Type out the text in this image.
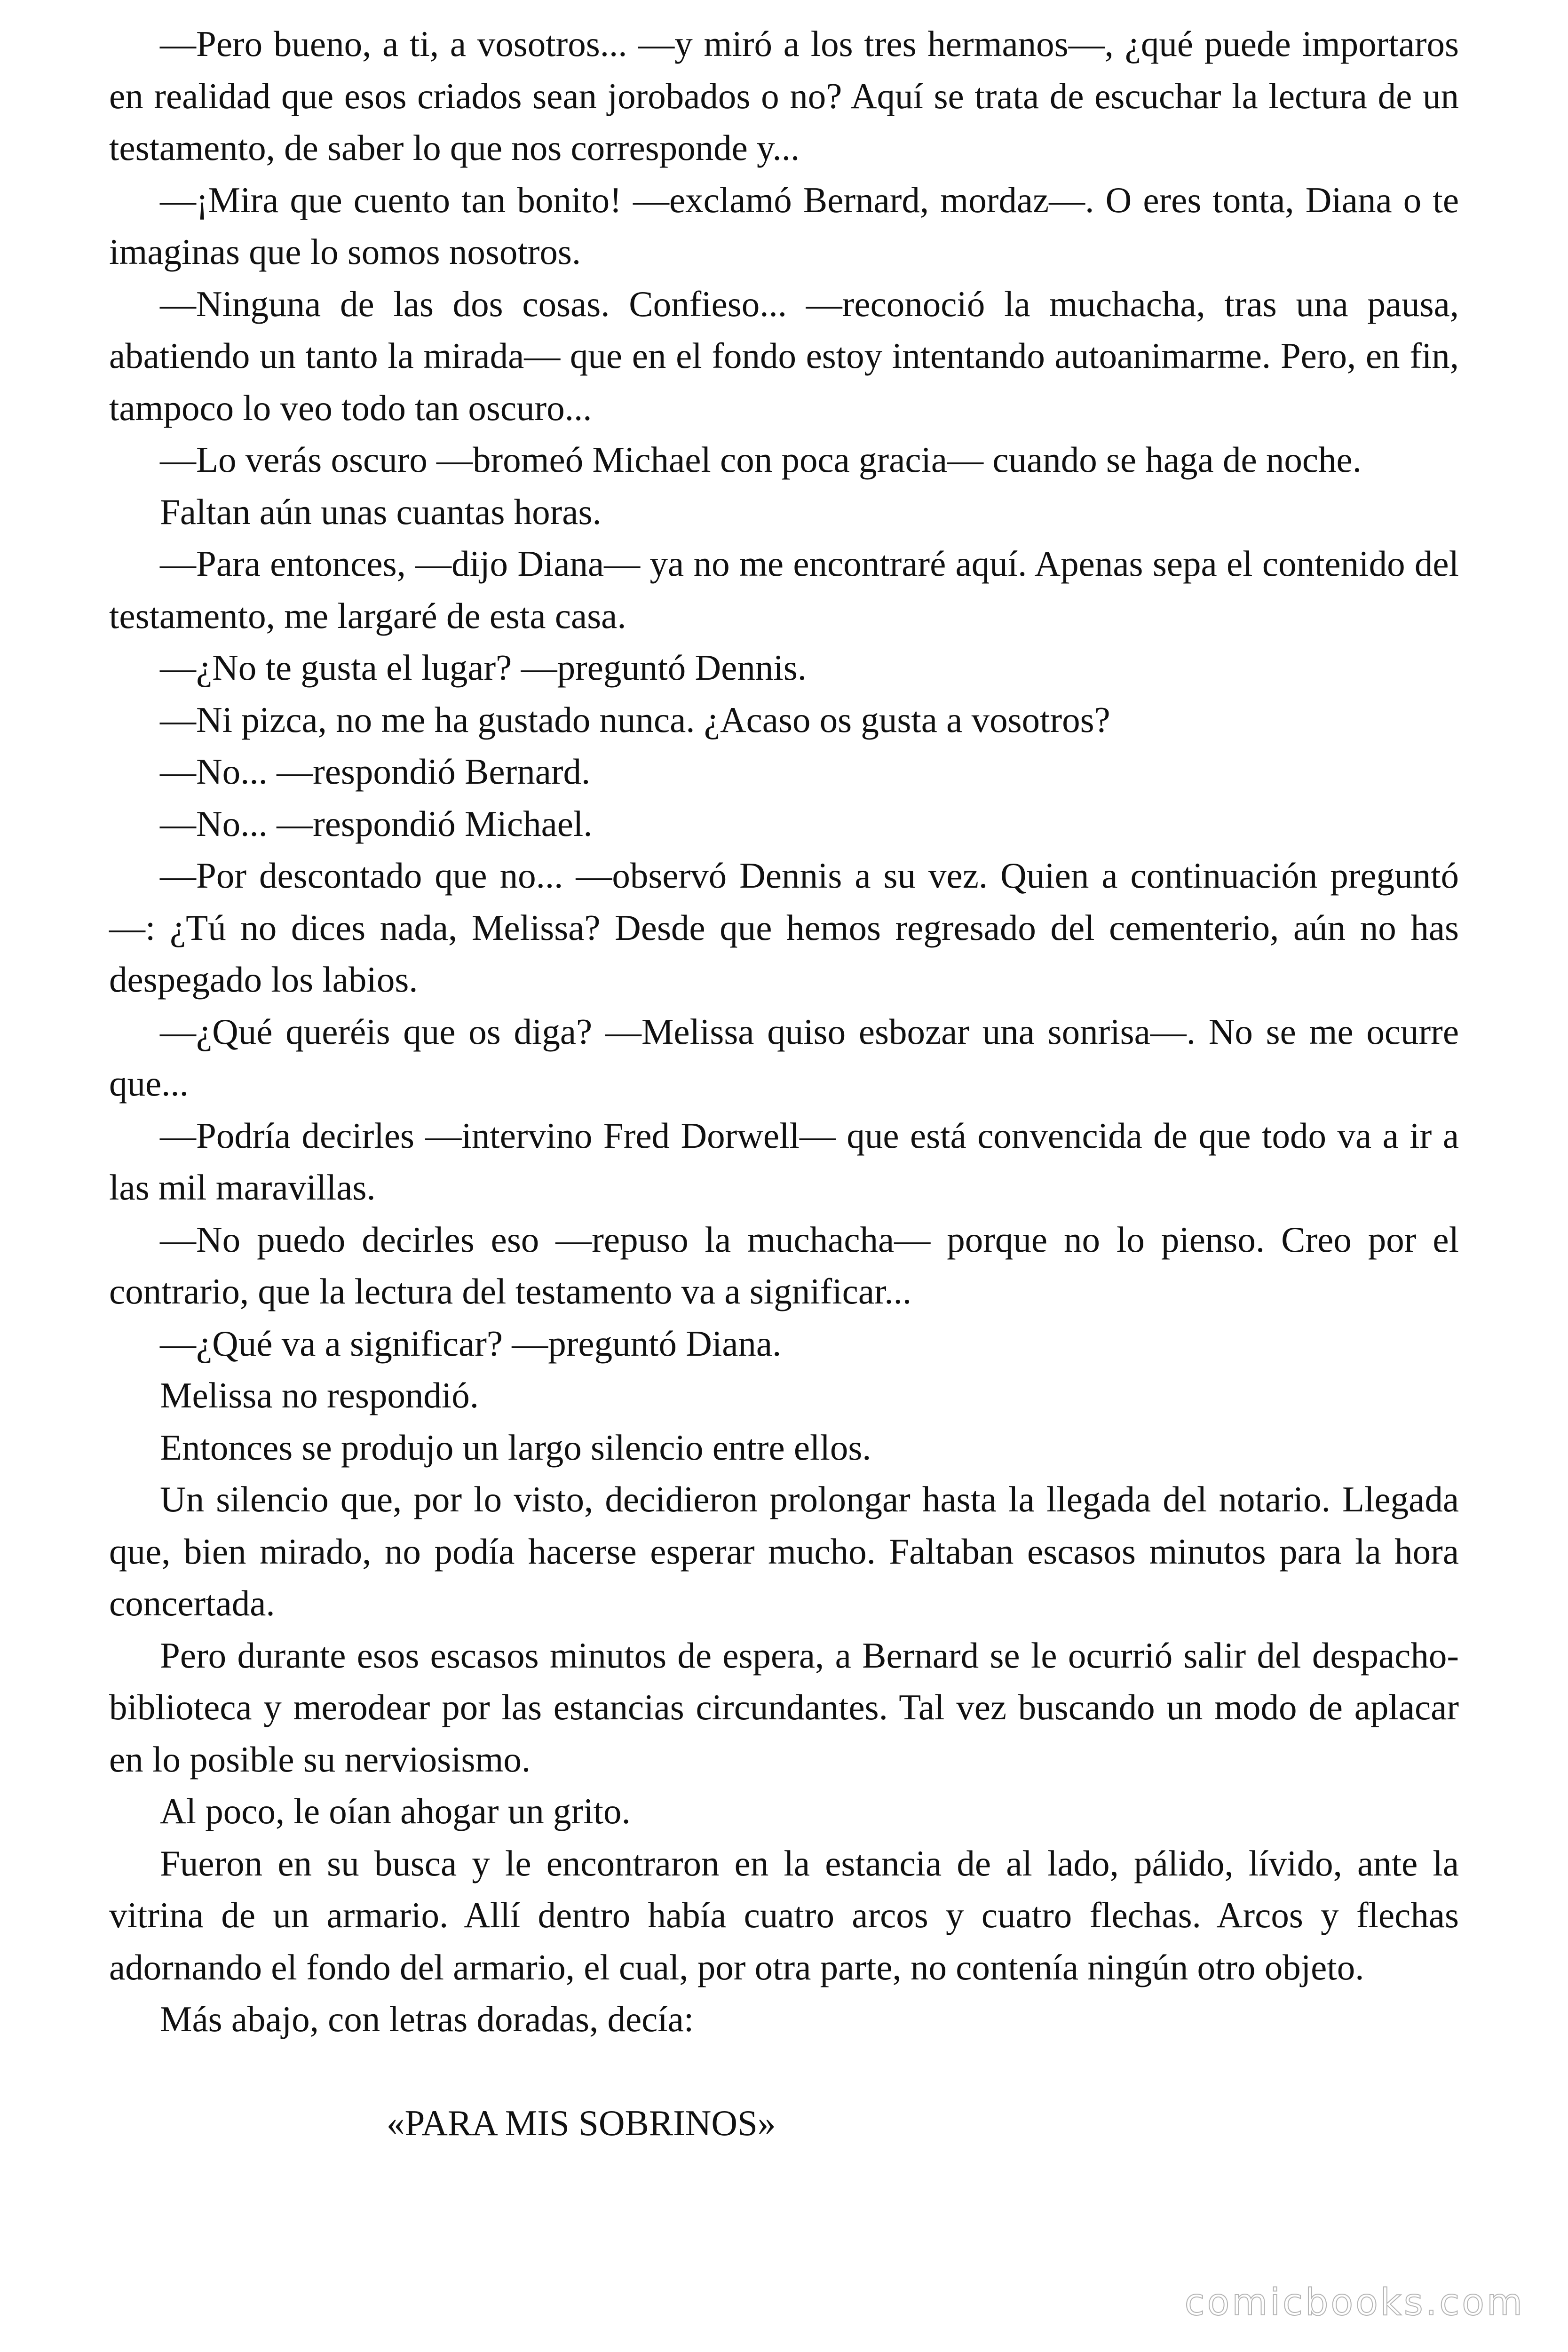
—Pero bueno, a ti, a vosotros... —y miró a los tres hermanos—, ¿qué puede importaros en realidad que esos criados sean jorobados o no? Aquí se trata de escuchar la lectura de un testamento, de saber lo que nos corresponde y...

—¡Mira que cuento tan bonito! —exclamó Bernard, mordaz—. O eres tonta, Diana o te imaginas que lo somos nosotros.

—Ninguna de las dos cosas. Confieso... —reconoció la muchacha, tras una pausa, abatiendo un tanto la mirada— que en el fondo estoy intentando autoanimarme. Pero, en fin, tampoco lo veo todo tan oscuro...

—Lo verás oscuro —bromeó Michael con poca gracia— cuando se haga de noche.

Faltan aún unas cuantas horas.

—Para entonces, —dijo Diana— ya no me encontraré aquí. Apenas sepa el contenido del testamento, me largaré de esta casa.

—¿No te gusta el lugar? —preguntó Dennis.

—Ni pizca, no me ha gustado nunca. ¿Acaso os gusta a vosotros?

—No... —respondió Bernard.

—No... —respondió Michael.

—Por descontado que no... —observó Dennis a su vez. Quien a continuación preguntó—: ¿Tú no dices nada, Melissa? Desde que hemos regresado del cementerio, aún no has despegado los labios.

—¿Qué queréis que os diga? —Melissa quiso esbozar una sonrisa—. No se me ocurre que...

—Podría decirles —intervino Fred Dorwell— que está convencida de que todo va a ir a las mil maravillas.

—No puedo decirles eso —repuso la muchacha— porque no lo pienso. Creo por el contrario, que la lectura del testamento va a significar...

—¿Qué va a significar? —preguntó Diana.

Melissa no respondió.

Entonces se produjo un largo silencio entre ellos.

Un silencio que, por lo visto, decidieron prolongar hasta la llegada del notario. Llegada que, bien mirado, no podía hacerse esperar mucho. Faltaban escasos minutos para la hora concertada.

Pero durante esos escasos minutos de espera, a Bernard se le ocurrió salir del despacho-biblioteca y merodear por las estancias circundantes. Tal vez buscando un modo de aplacar en lo posible su nerviosismo.

Al poco, le oían ahogar un grito.

Fueron en su busca y le encontraron en la estancia de al lado, pálido, lívido, ante la vitrina de un armario. Allí dentro había cuatro arcos y cuatro flechas. Arcos y flechas adornando el fondo del armario, el cual, por otra parte, no contenía ningún otro objeto.

Más abajo, con letras doradas, decía:

«PARA MIS SOBRINOS»

comicbooks.com
